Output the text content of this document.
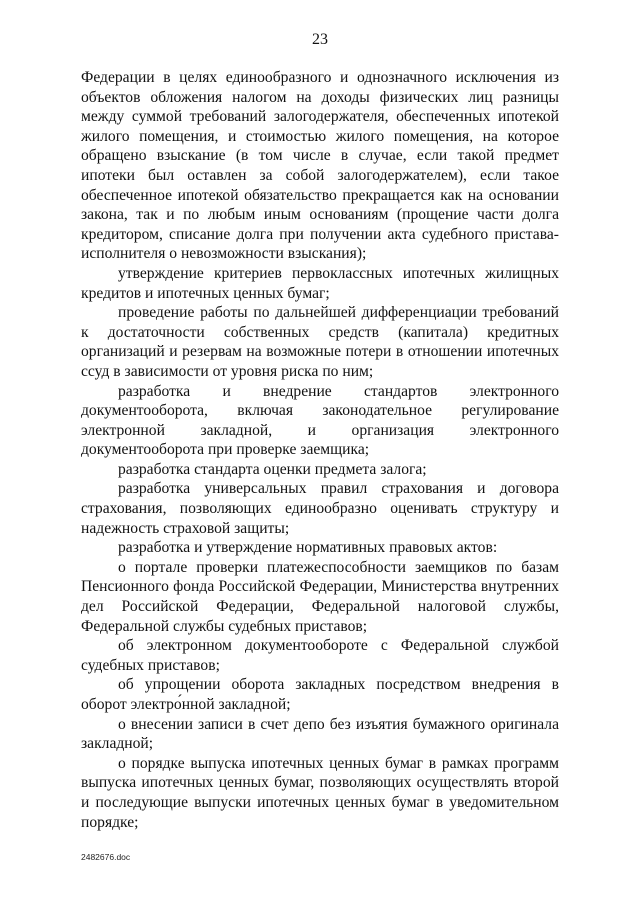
23

Федерации в целях единообразного и однозначного исключения из объектов обложения налогом на доходы физических лиц разницы между суммой требований залогодержателя, обеспеченных ипотекой жилого помещения, и стоимостью жилого помещения, на которое обращено взыскание (в том числе в случае, если такой предмет ипотеки был оставлен за собой залогодержателем), если такое обеспеченное ипотекой обязательство прекращается как на основании закона, так и по любым иным основаниям (прощение части долга кредитором, списание долга при получении акта судебного пристава-исполнителя о невозможности взыскания);

утверждение критериев первоклассных ипотечных жилищных кредитов и ипотечных ценных бумаг;

проведение работы по дальнейшей дифференциации требований к достаточности собственных средств (капитала) кредитных организаций и резервам на возможные потери в отношении ипотечных ссуд в зависимости от уровня риска по ним;

разработка и внедрение стандартов электронного документооборота, включая законодательное регулирование электронной закладной, и организация электронного документооборота при проверке заемщика;

разработка стандарта оценки предмета залога;

разработка универсальных правил страхования и договора страхования, позволяющих единообразно оценивать структуру и надежность страховой защиты;

разработка и утверждение нормативных правовых актов:

о портале проверки платежеспособности заемщиков по базам Пенсионного фонда Российской Федерации, Министерства внутренних дел Российской Федерации, Федеральной налоговой службы, Федеральной службы судебных приставов;

об электронном документообороте с Федеральной службой судебных приставов;

об упрощении оборота закладных посредством внедрения в оборот электро́нной закладной;

о внесении записи в счет депо без изъятия бумажного оригинала закладной;

о порядке выпуска ипотечных ценных бумаг в рамках программ выпуска ипотечных ценных бумаг, позволяющих осуществлять второй и последующие выпуски ипотечных ценных бумаг в уведомительном порядке;

2482676.doc
